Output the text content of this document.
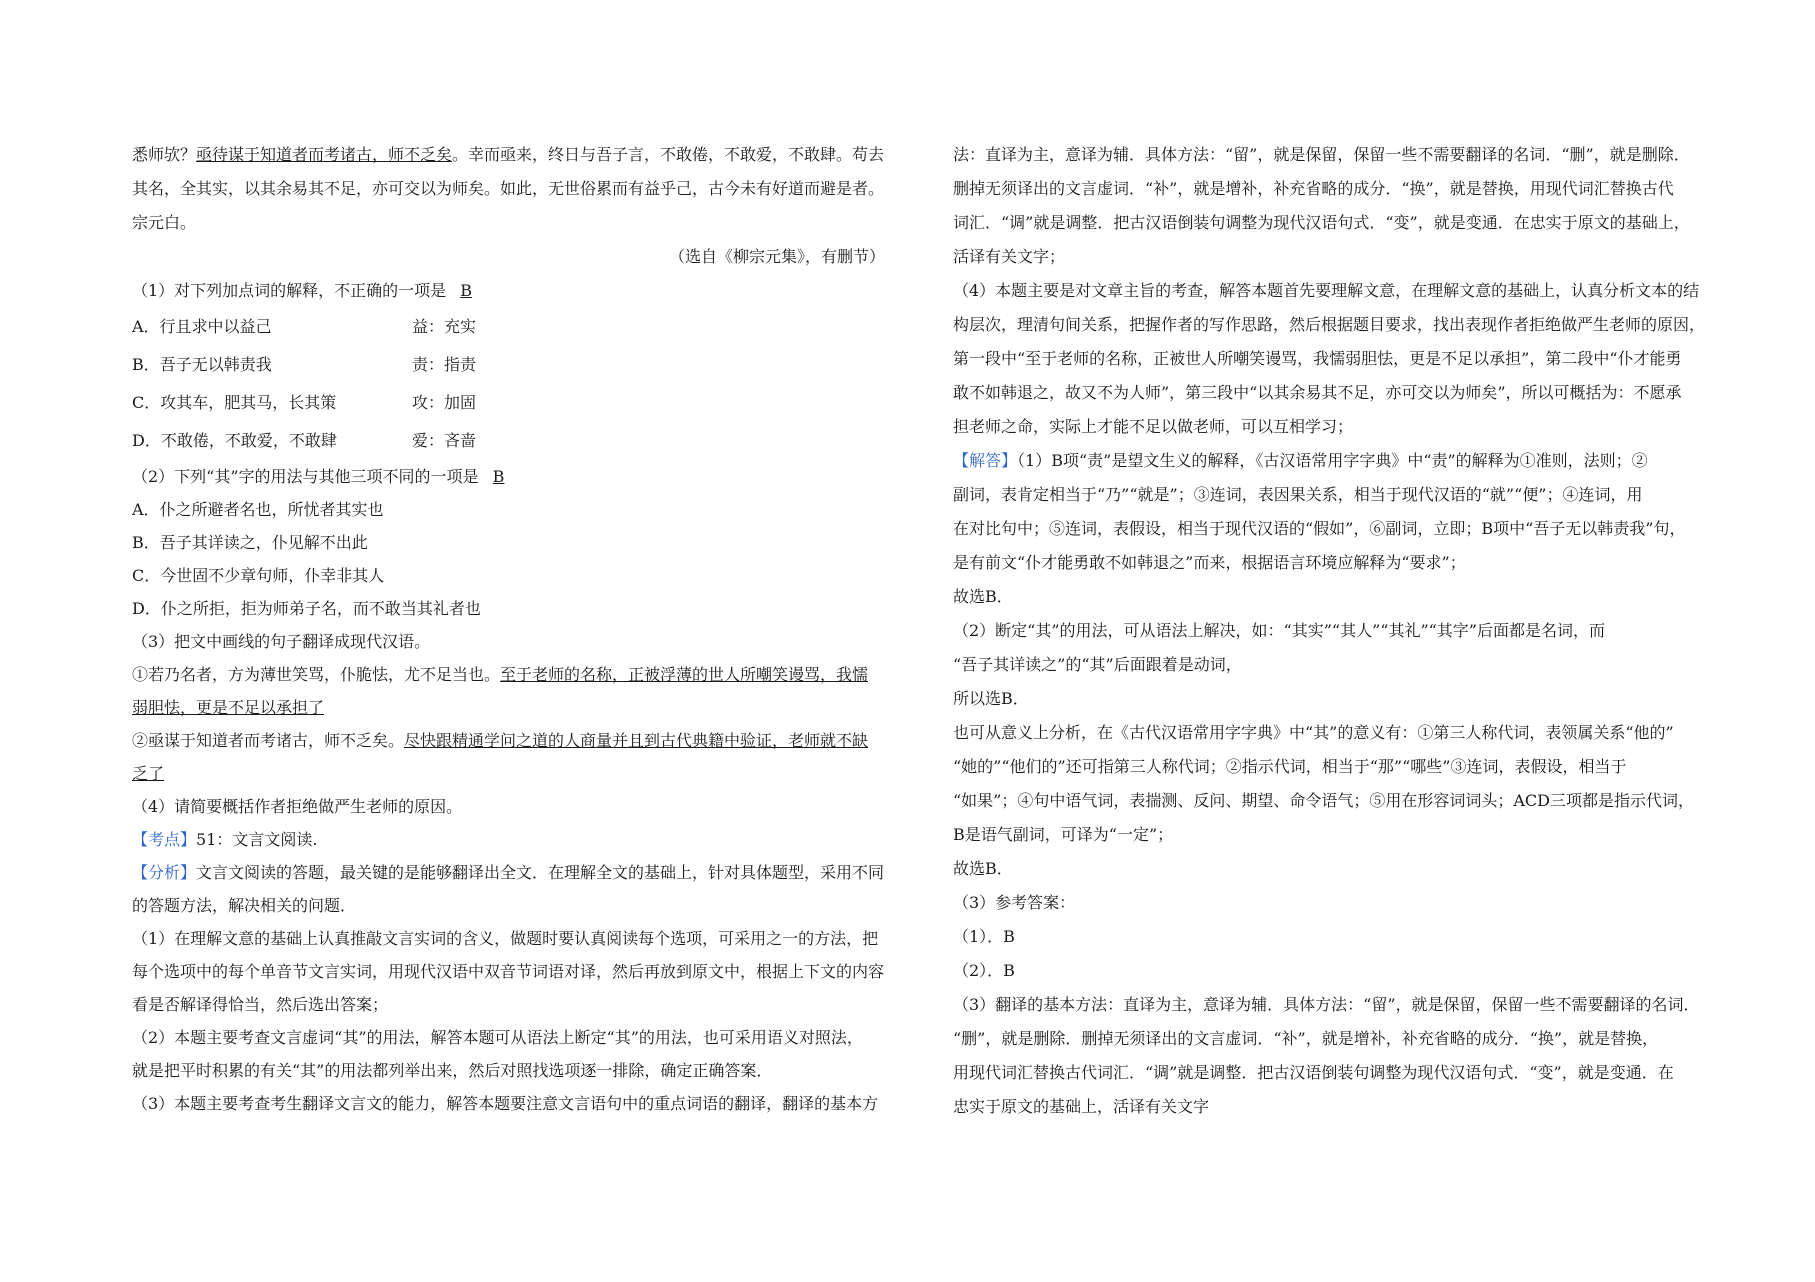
悉师欤？亟待谋于知道者而考诸古，师不乏矣。幸而亟来，终日与吾子言，不敢倦，不敢爱，不敢肆。苟去
其名，全其实，以其余易其不足，亦可交以为师矣。如此，无世俗累而有益乎己，古今未有好道而避是者。
宗元白。
（选自《柳宗元集》，有删节）
（1）对下列加点词的解释，不正确的一项是 B
A．行且求中以益己	益：充实
B．吾子无以韩责我	责：指责
C．攻其车，肥其马，长其策	攻：加固
D．不敢倦，不敢爱，不敢肆	爱：吝啬
（2）下列“其”字的用法与其他三项不同的一项是 B
A．仆之所避者名也，所忧者其实也
B．吾子其详读之，仆见解不出此
C．今世固不少章句师，仆幸非其人
D．仆之所拒，拒为师弟子名，而不敢当其礼者也
（3）把文中画线的句子翻译成现代汉语。
①若乃名者，方为薄世笑骂，仆脆怯，尤不足当也。至于老师的名称，正被浮薄的世人所嘲笑谩骂，我懦
弱胆怯，更是不足以承担了
②亟谋于知道者而考诸古，师不乏矣。尽快跟精通学问之道的人商量并且到古代典籍中验证，老师就不缺
乏了
（4）请简要概括作者拒绝做严生老师的原因。
【考点】51：文言文阅读.
【分析】文言文阅读的答题，最关键的是能够翻译出全文．在理解全文的基础上，针对具体题型，采用不同
的答题方法，解决相关的问题．
（1）在理解文意的基础上认真推敲文言实词的含义，做题时要认真阅读每个选项，可采用之一的方法，把
每个选项中的每个单音节文言实词，用现代汉语中双音节词语对译，然后再放到原文中，根据上下文的内容
看是否解译得恰当，然后选出答案；
（2）本题主要考查文言虚词“其”的用法，解答本题可从语法上断定“其”的用法，也可采用语义对照法，
就是把平时积累的有关“其”的用法都列举出来，然后对照找选项逐一排除，确定正确答案．
（3）本题主要考查考生翻译文言文的能力，解答本题要注意文言语句中的重点词语的翻译，翻译的基本方
法：直译为主，意译为辅．具体方法：“留”，就是保留，保留一些不需要翻译的名词．“删”，就是删除．
删掉无须译出的文言虚词．“补”，就是增补，补充省略的成分．“换”，就是替换，用现代词汇替换古代
词汇．“调”就是调整．把古汉语倒装句调整为现代汉语句式．“变”，就是变通．在忠实于原文的基础上，
活译有关文字；
（4）本题主要是对文章主旨的考查，解答本题首先要理解文意，在理解文意的基础上，认真分析文本的结
构层次，理清句间关系，把握作者的写作思路，然后根据题目要求，找出表现作者拒绝做严生老师的原因，
第一段中“至于老师的名称，正被世人所嘲笑谩骂，我懦弱胆怯，更是不足以承担”，第二段中“仆才能勇
敢不如韩退之，故又不为人师”，第三段中“以其余易其不足，亦可交以为师矣”，所以可概括为：不愿承
担老师之命，实际上才能不足以做老师，可以互相学习；
【解答】（1）B项“责”是望文生义的解释，《古汉语常用字字典》中“责”的解释为①准则，法则；②
副词，表肯定相当于“乃”“就是”；③连词，表因果关系，相当于现代汉语的“就”“便”；④连词，用
在对比句中；⑤连词，表假设，相当于现代汉语的“假如”，⑥副词，立即；B项中“吾子无以韩责我”句，
是有前文“仆才能勇敢不如韩退之”而来，根据语言环境应解释为“要求”；
故选B．
（2）断定“其”的用法，可从语法上解决，如：“其实”“其人”“其礼”“其字”后面都是名词，而
“吾子其详读之”的“其”后面跟着是动词，
所以选B．
也可从意义上分析，在《古代汉语常用字字典》中“其”的意义有：①第三人称代词，表领属关系“他的”
“她的”“他们的”还可指第三人称代词；②指示代词，相当于“那”“哪些”③连词，表假设，相当于
“如果”；④句中语气词，表揣测、反问、期望、命令语气；⑤用在形容词词头；ACD三项都是指示代词，
B是语气副词，可译为“一定”；
故选B．
（3）参考答案：
（1）．B
（2）．B
（3）翻译的基本方法：直译为主，意译为辅．具体方法：“留”，就是保留，保留一些不需要翻译的名词．
“删”，就是删除．删掉无须译出的文言虚词．“补”，就是增补，补充省略的成分．“换”，就是替换，
用现代词汇替换古代词汇．“调”就是调整．把古汉语倒装句调整为现代汉语句式．“变”，就是变通．在
忠实于原文的基础上，活译有关文字
